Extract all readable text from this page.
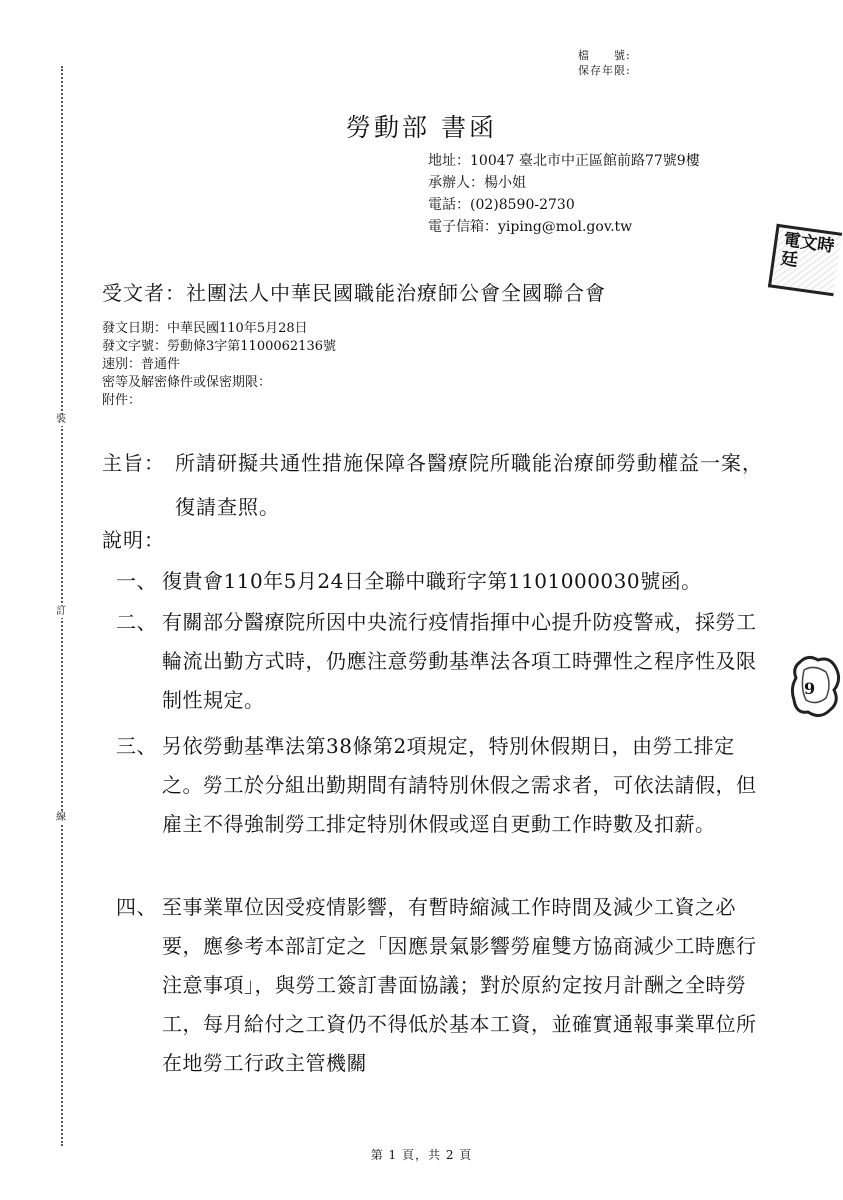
裝
訂
線
檔　　號:
保存年限:
勞動部 書函
地址：10047 臺北市中正區館前路77號9樓
承辦人：楊小姐
電話：(02)8590-2730
電子信箱：yiping@mol.gov.tw
電文時廷
受文者：社團法人中華民國職能治療師公會全國聯合會
發文日期：中華民國110年5月28日
發文字號：勞動條3字第1100062136號
速別：普通件
密等及解密條件或保密期限：
附件：
主旨： 所請研擬共通性措施保障各醫療院所職能治療師勞動權益一案，復請查照。
說明：
一、 復貴會110年5月24日全聯中職珩字第1101000030號函。
二、 有關部分醫療院所因中央流行疫情指揮中心提升防疫警戒，採勞工輪流出勤方式時，仍應注意勞動基準法各項工時彈性之程序性及限制性規定。
三、 另依勞動基準法第38條第2項規定，特別休假期日，由勞工排定之。勞工於分組出勤期間有請特別休假之需求者，可依法請假，但雇主不得強制勞工排定特別休假或逕自更動工作時數及扣薪。
四、 至事業單位因受疫情影響，有暫時縮減工作時間及減少工資之必要，應參考本部訂定之「因應景氣影響勞雇雙方協商減少工時應行注意事項」，與勞工簽訂書面協議；對於原約定按月計酬之全時勞工，每月給付之工資仍不得低於基本工資，並確實通報事業單位所在地勞工行政主管機關
9
第 1 頁，共 2 頁
